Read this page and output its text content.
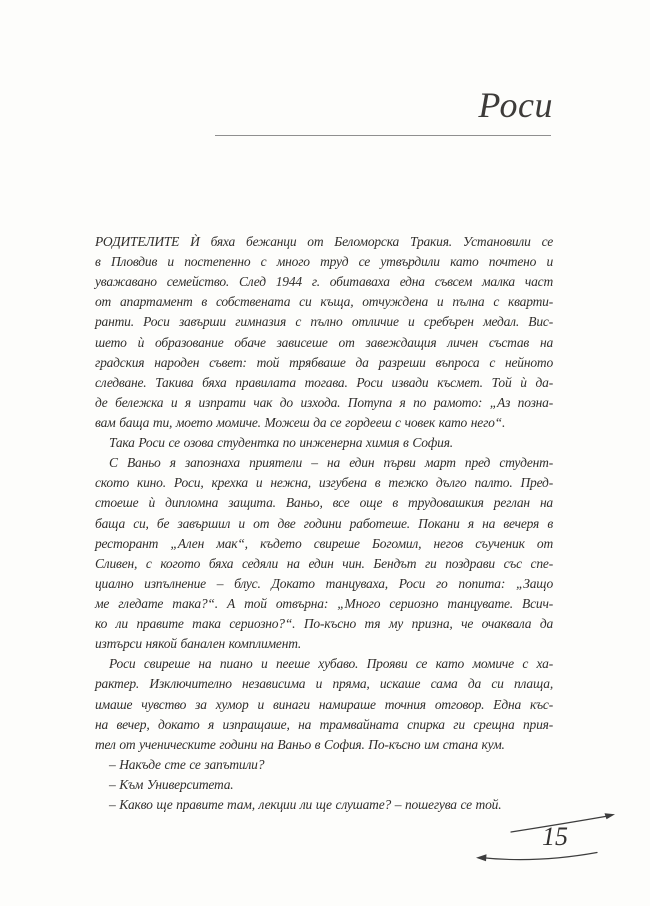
Роси
РОДИТЕЛИТЕ Ѝ бяха бежанци от Беломорска Тракия. Установили се
в Пловдив и постепенно с много труд се утвърдили като почтено и
уважавано семейство. След 1944 г. обитаваха една съвсем малка част
от апартамент в собствената си къща, отчуждена и пълна с кварти-
ранти. Роси завърши гимназия с пълно отличие и сребърен медал. Вис-
шето ѝ образование обаче зависеше от завеждащия личен състав на
градския народен съвет: той трябваше да разреши въпроса с нейното
следване. Такива бяха правилата тогава. Роси извади късмет. Той ѝ да-
де бележка и я изпрати чак до изхода. Потупа я по рамото: „Аз позна-
вам баща ти, моето момиче. Можеш да се гордееш с човек като него“.
Така Роси се озова студентка по инженерна химия в София.
С Ваньо я запознаха приятели – на един първи март пред студент-
ското кино. Роси, крехка и нежна, изгубена в тежко дълго палто. Пред-
стоеше ѝ дипломна защита. Ваньо, все още в трудовашкия реглан на
баща си, бе завършил и от две години работеше. Покани я на вечеря в
ресторант „Ален мак“, където свиреше Богомил, негов съученик от
Сливен, с когото бяха седяли на един чин. Бендът ги поздрави със спе-
циално изпълнение – блус. Докато танцуваха, Роси го попита: „Защо
ме гледате така?“. А той отвърна: „Много сериозно танцувате. Всич-
ко ли правите така сериозно?“. По-късно тя му призна, че очаквала да
изтърси някой банален комплимент.
Роси свиреше на пиано и пееше хубаво. Прояви се като момиче с ха-
рактер. Изключително независима и пряма, искаше сама да си плаща,
имаше чувство за хумор и винаги намираше точния отговор. Една къс-
на вечер, докато я изпращаше, на трамвайната спирка ги срещна прия-
тел от ученическите години на Ваньо в София. По-късно им стана кум.
– Накъде сте се запътили?
– Към Университета.
– Какво ще правите там, лекции ли ще слушате? – пошегува се той.
15
